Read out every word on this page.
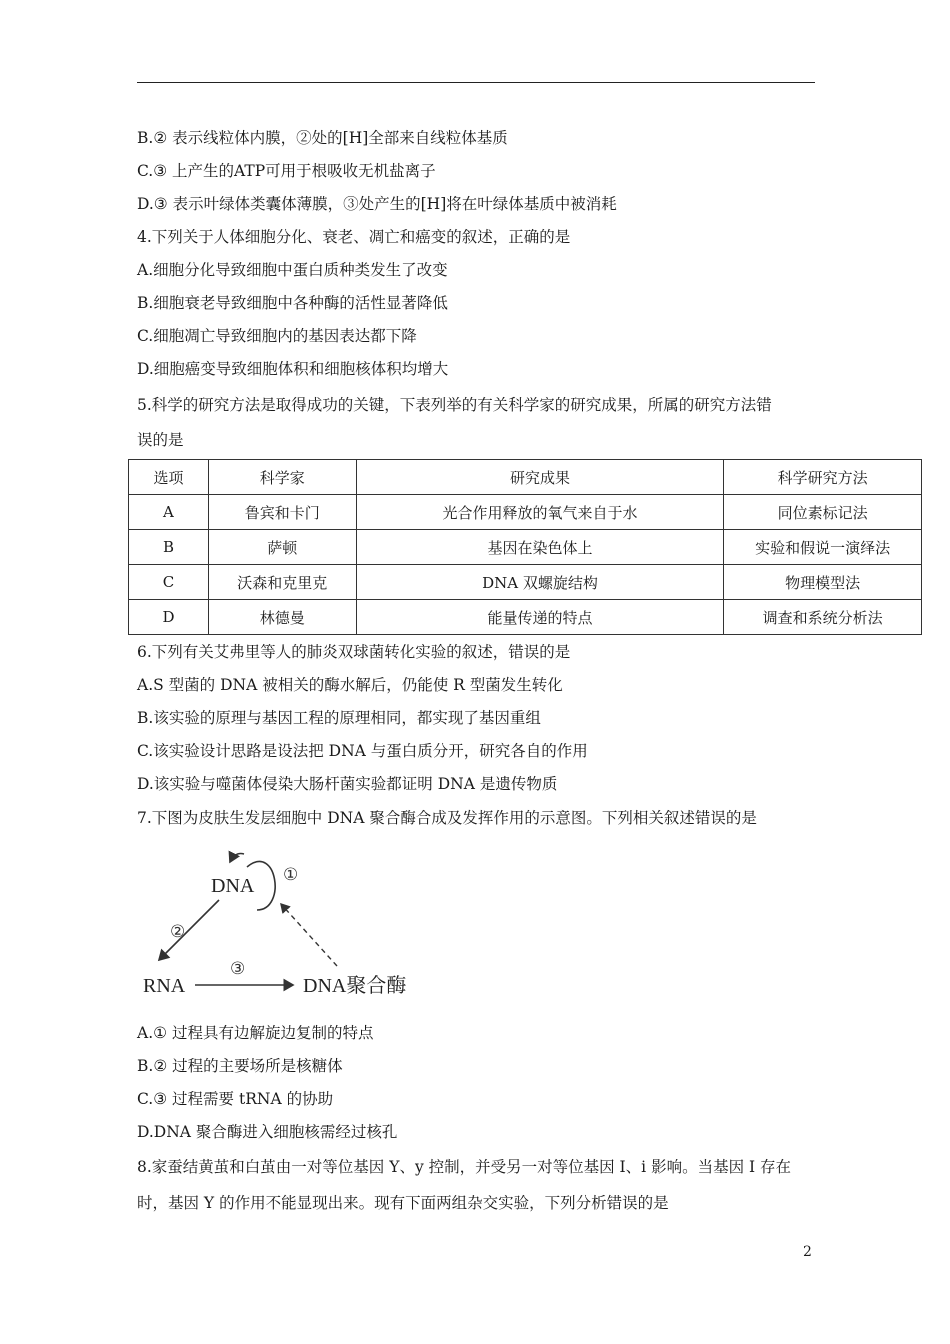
B.② 表示线粒体内膜，②处的[H]全部来自线粒体基质
C.③ 上产生的ATP可用于根吸收无机盐离子
D.③ 表示叶绿体类囊体薄膜，③处产生的[H]将在叶绿体基质中被消耗
4.下列关于人体细胞分化、衰老、凋亡和癌变的叙述，正确的是
A.细胞分化导致细胞中蛋白质种类发生了改变
B.细胞衰老导致细胞中各种酶的活性显著降低
C.细胞凋亡导致细胞内的基因表达都下降
D.细胞癌变导致细胞体积和细胞核体积均增大
5.科学的研究方法是取得成功的关键，下表列举的有关科学家的研究成果，所属的研究方法错
误的是
选项	科学家	研究成果	科学研究方法
A	鲁宾和卡门	光合作用释放的氧气来自于水	同位素标记法
B	萨顿	基因在染色体上	实验和假说一演绎法
C	沃森和克里克	DNA 双螺旋结构	物理模型法
D	林德曼	能量传递的特点	调查和系统分析法
6.下列有关艾弗里等人的肺炎双球菌转化实验的叙述，错误的是
A.S 型菌的 DNA 被相关的酶水解后，仍能使 R 型菌发生转化
B.该实验的原理与基因工程的原理相同，都实现了基因重组
C.该实验设计思路是设法把 DNA 与蛋白质分开，研究各自的作用
D.该实验与噬菌体侵染大肠杆菌实验都证明 DNA 是遗传物质
7.下图为皮肤生发层细胞中 DNA 聚合酶合成及发挥作用的示意图。下列相关叙述错误的是
DNA ①
②
RNA
③
DNA聚合酶
A.① 过程具有边解旋边复制的特点
B.② 过程的主要场所是核糖体
C.③ 过程需要 tRNA 的协助
D.DNA 聚合酶进入细胞核需经过核孔
8.家蚕结黄茧和白茧由一对等位基因 Y、y 控制，并受另一对等位基因 I、i 影响。当基因 I 存在
时，基因 Y 的作用不能显现出来。现有下面两组杂交实验，下列分析错误的是
2
